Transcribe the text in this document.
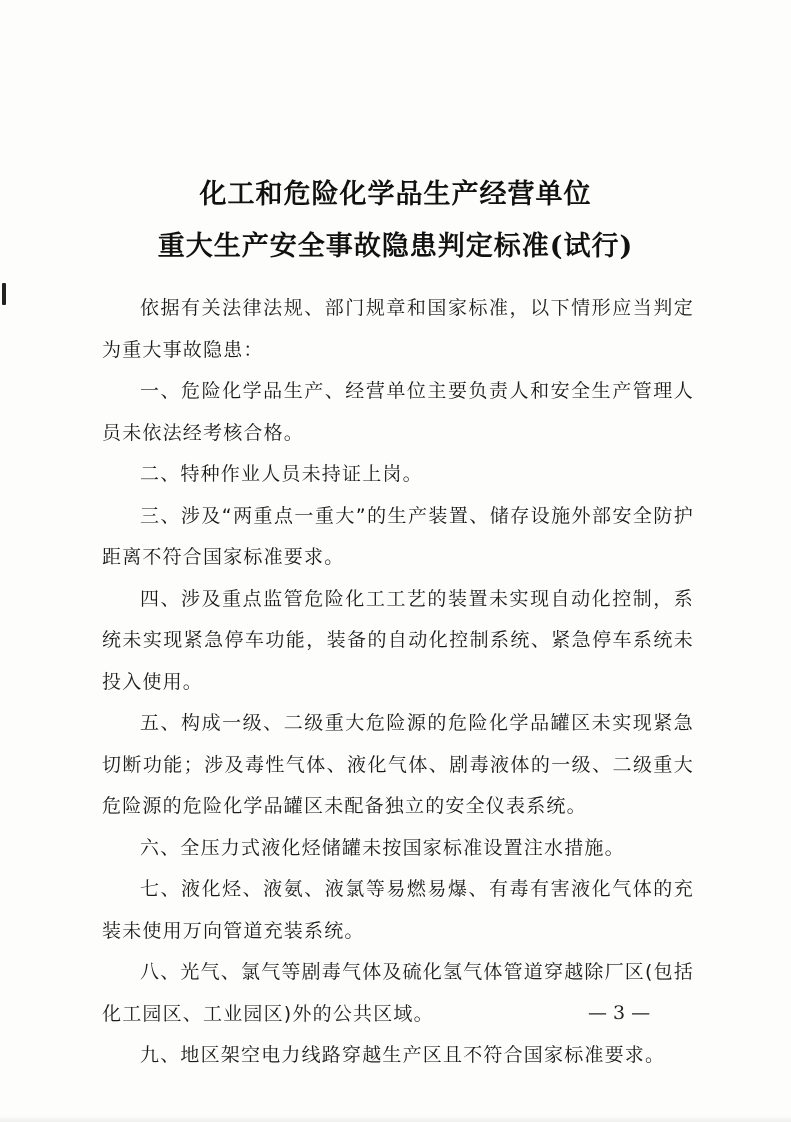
化工和危险化学品生产经营单位
重大生产安全事故隐患判定标准(试行)

依据有关法律法规、部门规章和国家标准，以下情形应当判定为重大事故隐患：

一、危险化学品生产、经营单位主要负责人和安全生产管理人员未依法经考核合格。

二、特种作业人员未持证上岗。

三、涉及“两重点一重大”的生产装置、储存设施外部安全防护距离不符合国家标准要求。

四、涉及重点监管危险化工工艺的装置未实现自动化控制，系统未实现紧急停车功能，装备的自动化控制系统、紧急停车系统未投入使用。

五、构成一级、二级重大危险源的危险化学品罐区未实现紧急切断功能；涉及毒性气体、液化气体、剧毒液体的一级、二级重大危险源的危险化学品罐区未配备独立的安全仪表系统。

六、全压力式液化烃储罐未按国家标准设置注水措施。

七、液化烃、液氨、液氯等易燃易爆、有毒有害液化气体的充装未使用万向管道充装系统。

八、光气、氯气等剧毒气体及硫化氢气体管道穿越除厂区(包括化工园区、工业园区)外的公共区域。

九、地区架空电力线路穿越生产区且不符合国家标准要求。

— 3 —
